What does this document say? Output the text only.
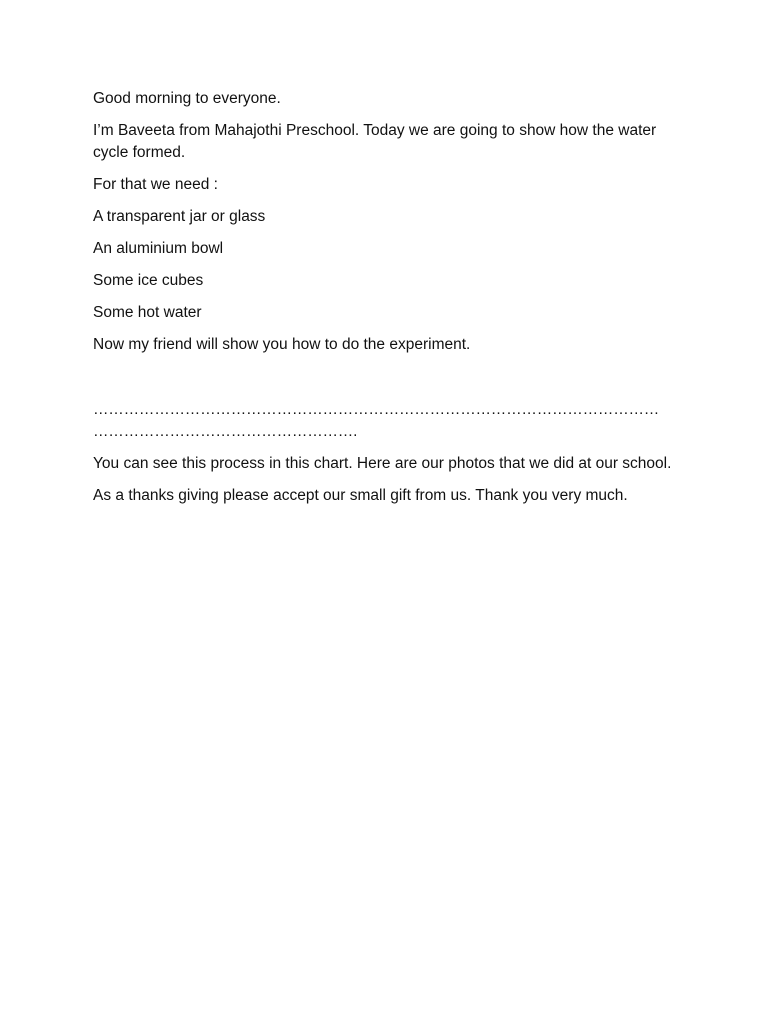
Good morning to everyone.

I’m Baveeta from Mahajothi Preschool. Today we are going to show how the water cycle formed.

For that we need :

A transparent jar or glass

An aluminium bowl

Some ice cubes

Some hot water

Now my friend will show you how to do the experiment.

……………………………………………………………………………………………………………………………………………….

You can see this process in this chart. Here are our photos that we did at our school.

As a thanks giving please accept our small gift from us. Thank you very much.
